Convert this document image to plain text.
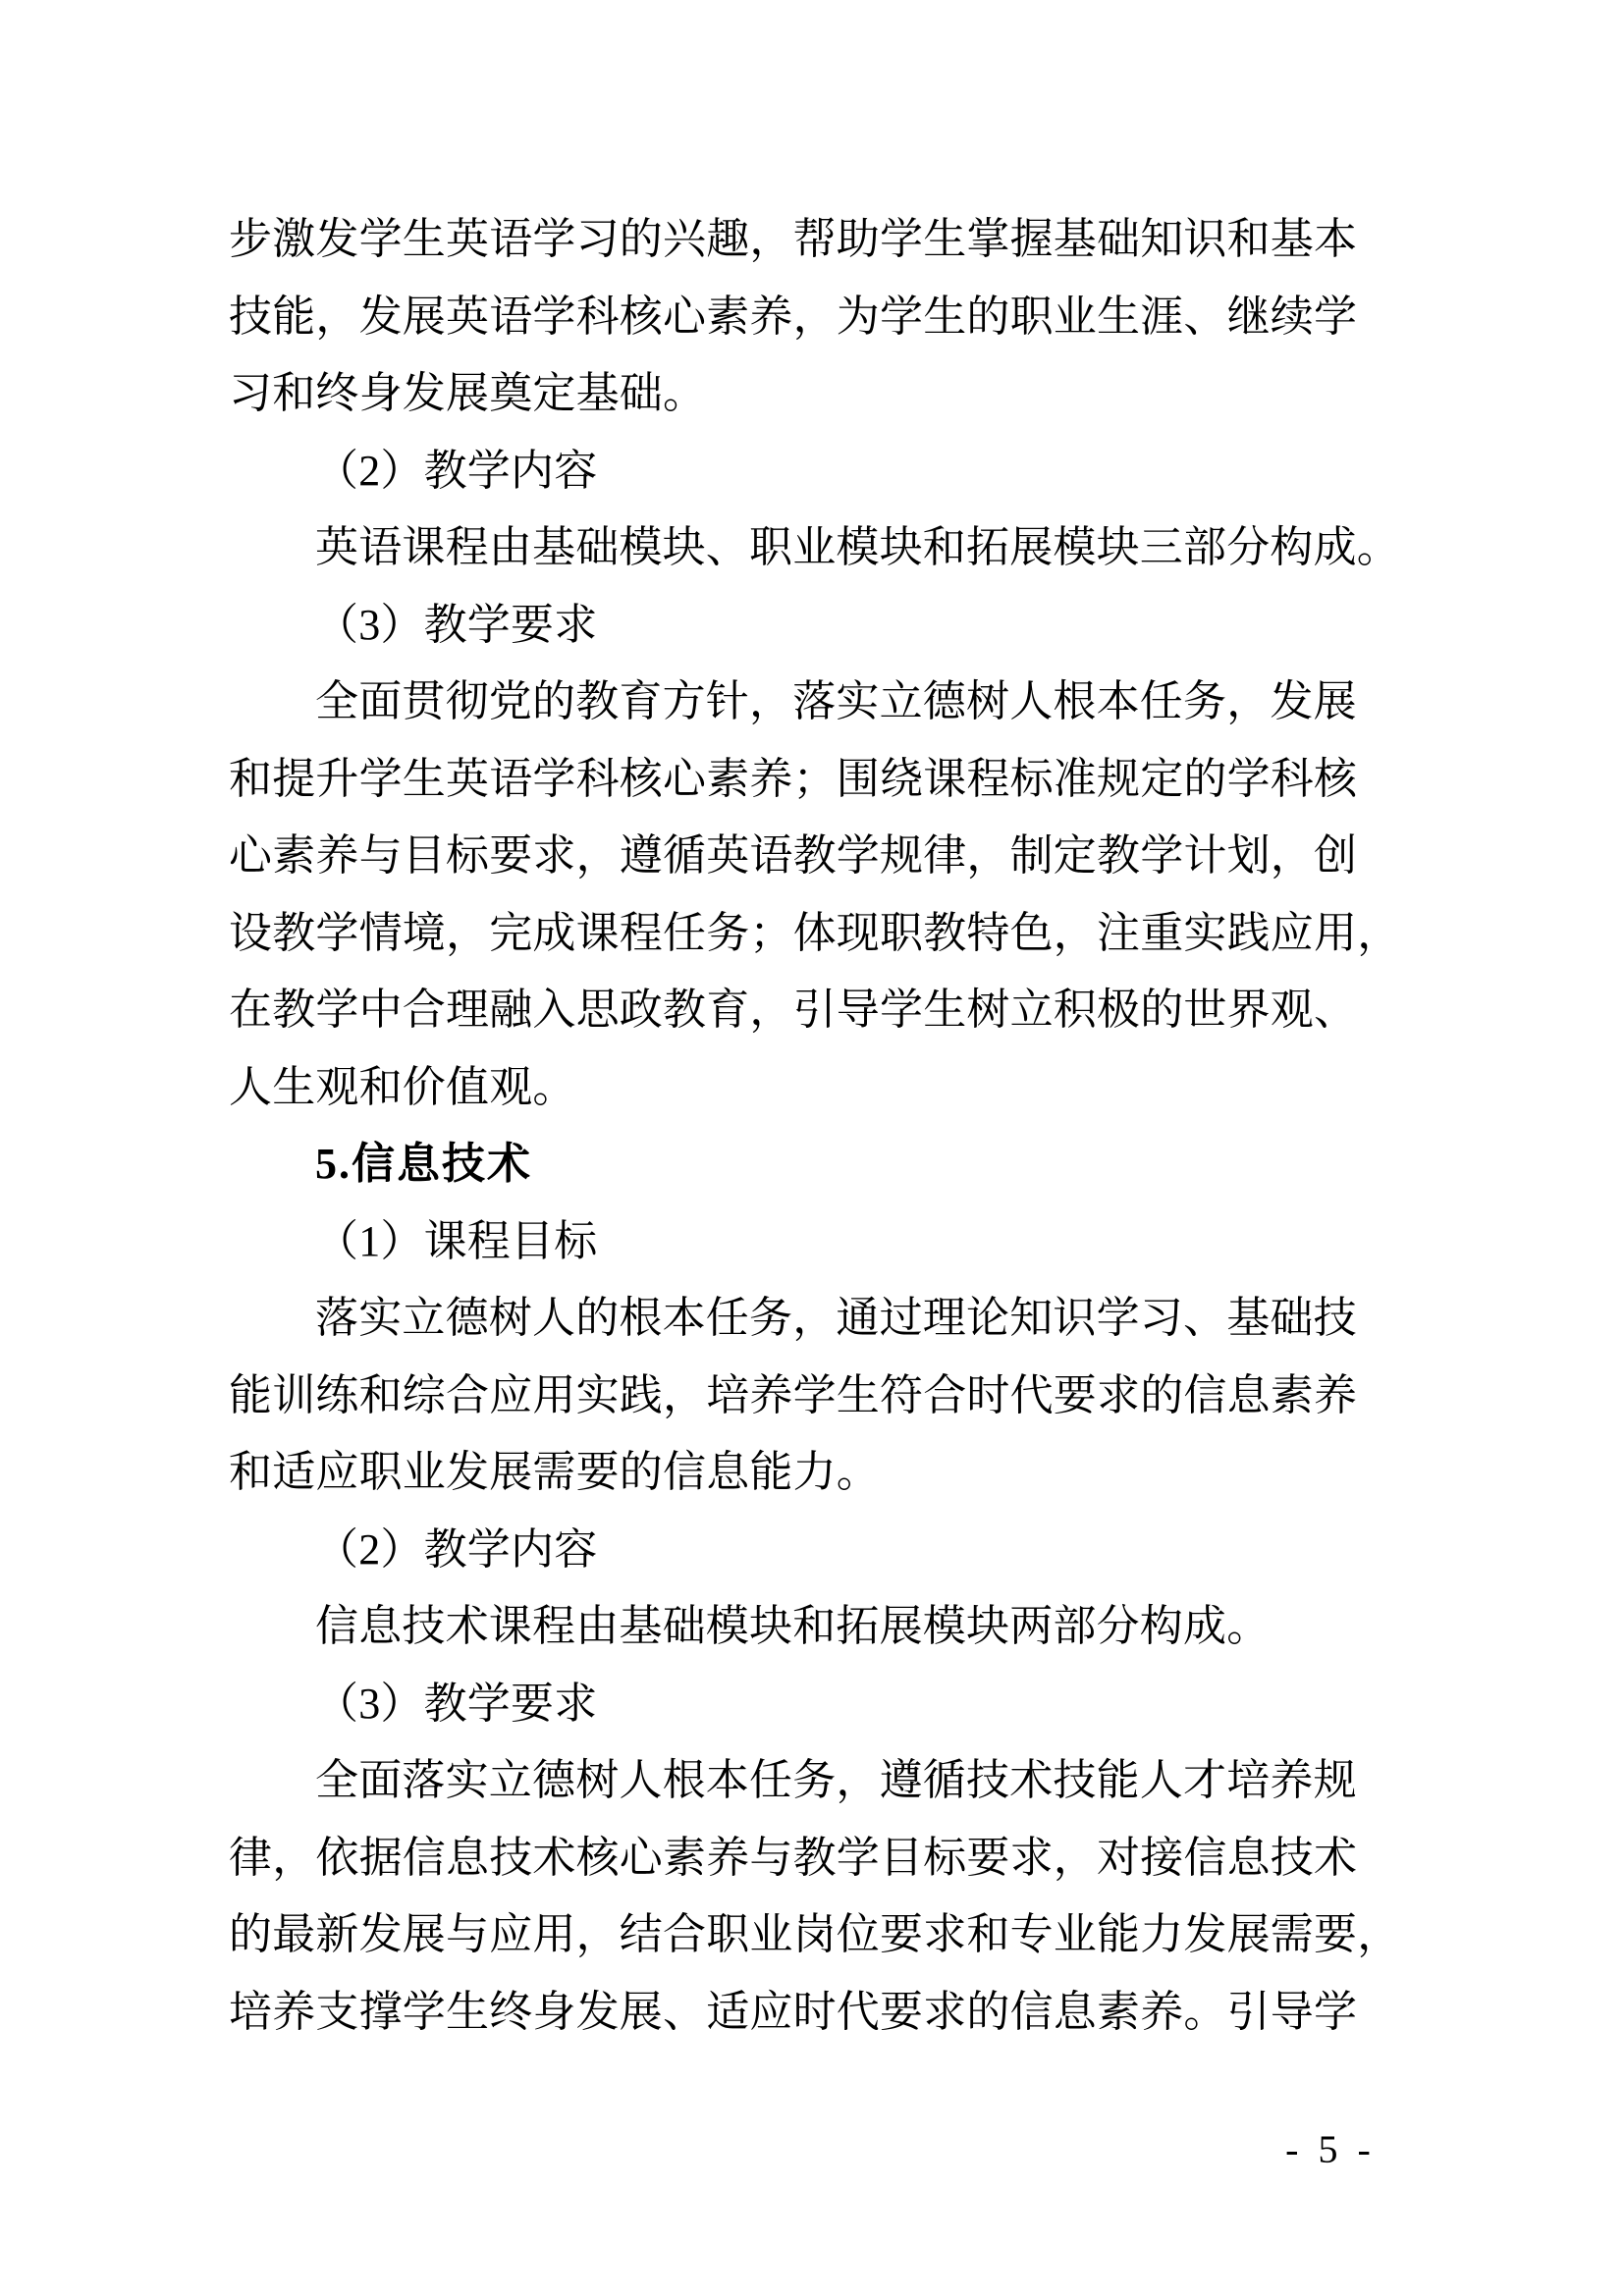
步激发学生英语学习的兴趣，帮助学生掌握基础知识和基本
技能，发展英语学科核心素养，为学生的职业生涯、继续学
习和终身发展奠定基础。
（2）教学内容
英语课程由基础模块、职业模块和拓展模块三部分构成。
（3）教学要求
全面贯彻党的教育方针，落实立德树人根本任务，发展
和提升学生英语学科核心素养；围绕课程标准规定的学科核
心素养与目标要求，遵循英语教学规律，制定教学计划，创
设教学情境，完成课程任务；体现职教特色，注重实践应用，
在教学中合理融入思政教育，引导学生树立积极的世界观、
人生观和价值观。
5.信息技术
（1）课程目标
落实立德树人的根本任务，通过理论知识学习、基础技
能训练和综合应用实践，培养学生符合时代要求的信息素养
和适应职业发展需要的信息能力。
（2）教学内容
信息技术课程由基础模块和拓展模块两部分构成。
（3）教学要求
全面落实立德树人根本任务，遵循技术技能人才培养规
律，依据信息技术核心素养与教学目标要求，对接信息技术
的最新发展与应用，结合职业岗位要求和专业能力发展需要，
培养支撑学生终身发展、适应时代要求的信息素养。引导学
- 5 -
